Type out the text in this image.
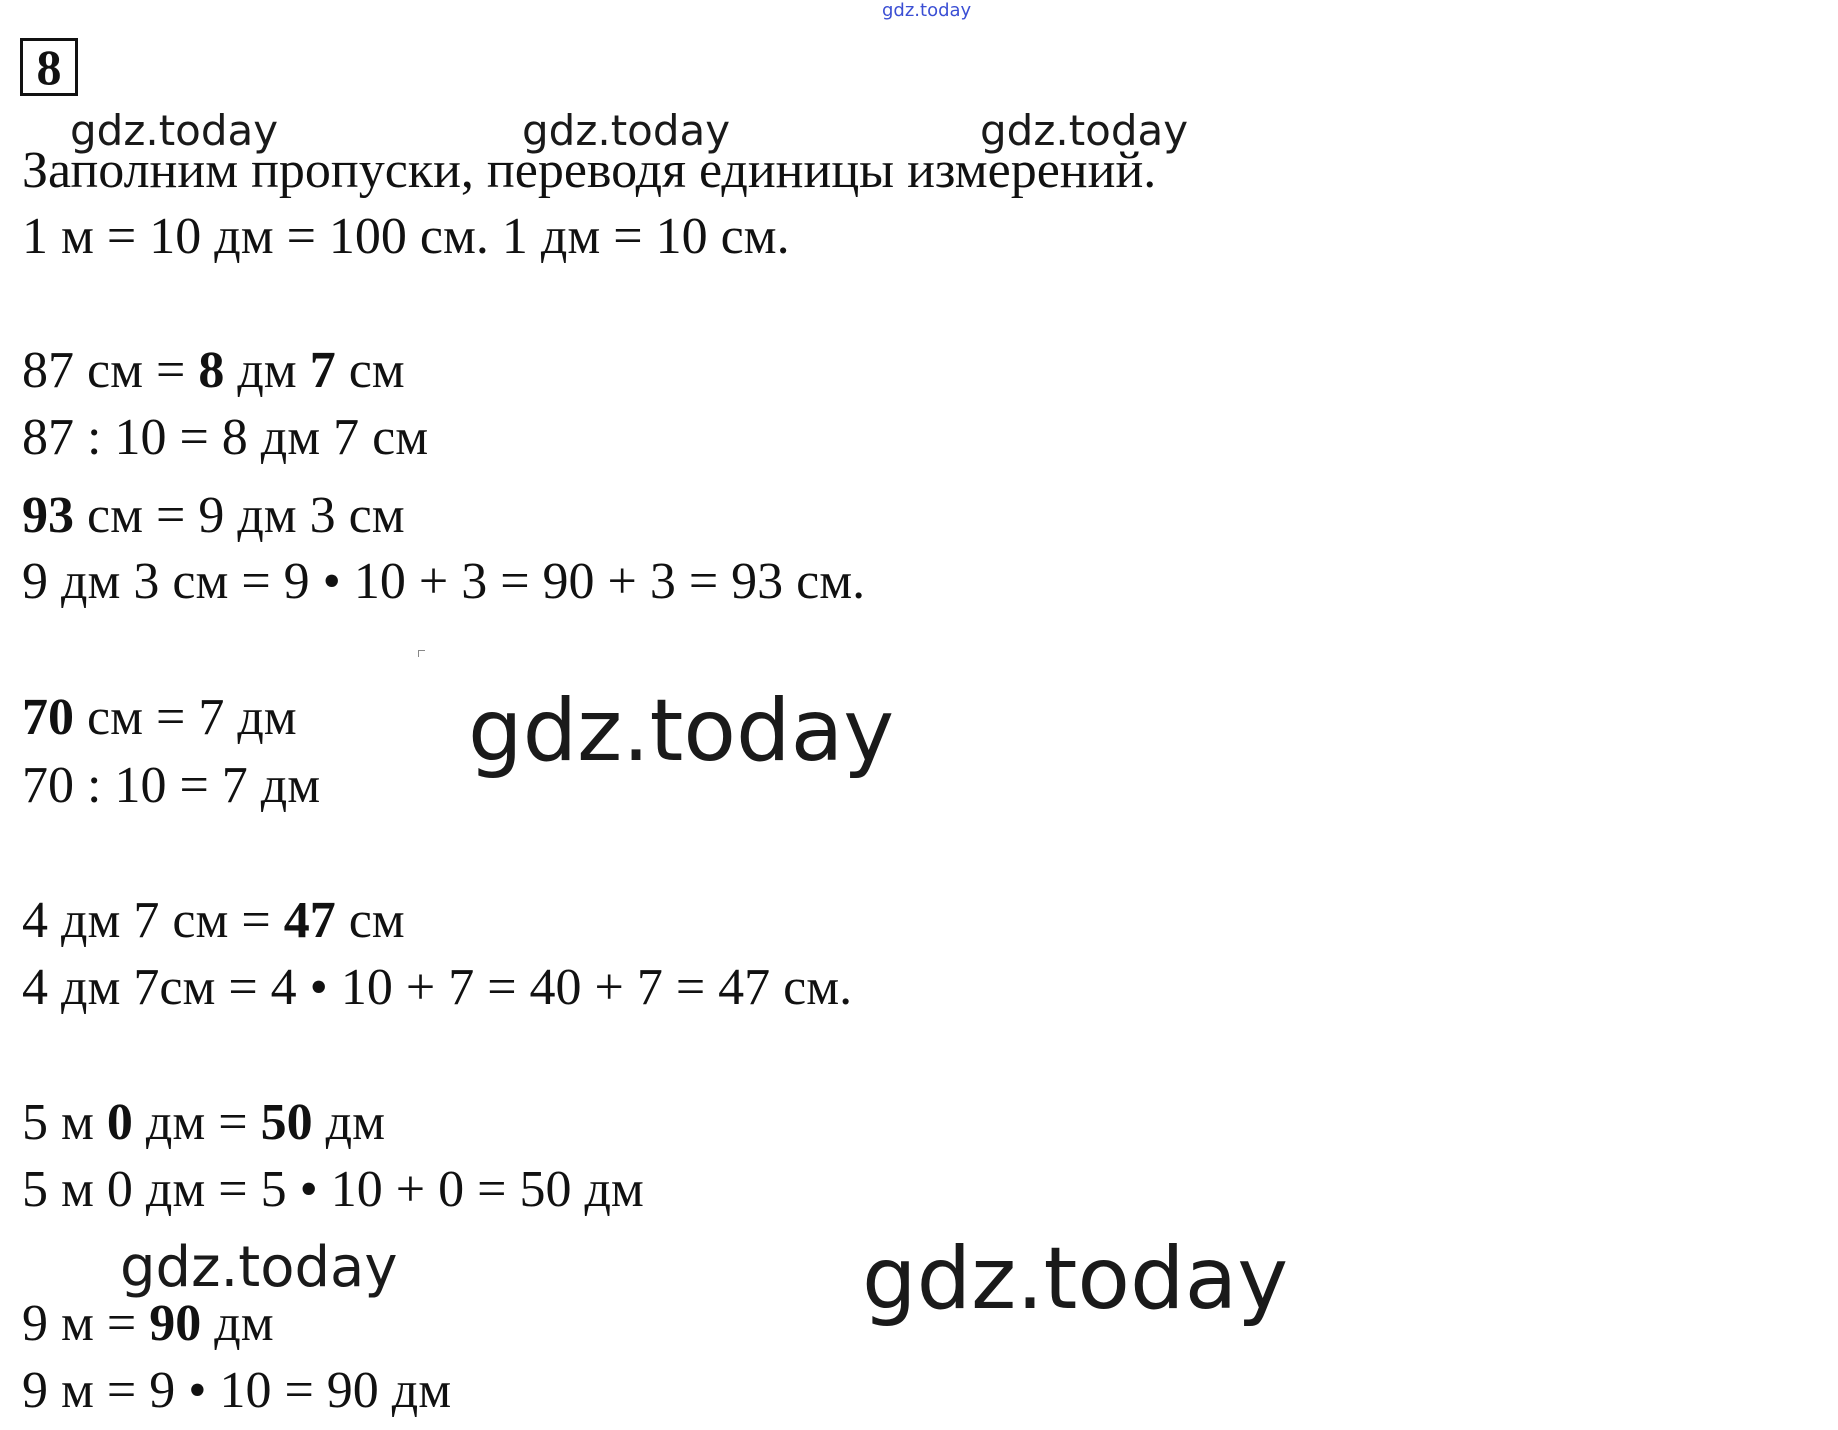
gdz.today
gdz.today	gdz.today	gdz.today
gdz.today
gdz.today	gdz.today
8
Заполним пропуски, переводя единицы измерений.
1 м = 10 дм = 100 см. 1 дм = 10 см.
87 см = 8 дм 7 см
87 : 10 = 8 дм 7 см
93 см = 9 дм 3 см
9 дм 3 см = 9 • 10 + 3 = 90 + 3 = 93 см.
70 см = 7 дм
70 : 10 = 7 дм
4 дм 7 см = 47 см
4 дм 7см = 4 • 10 + 7 = 40 + 7 = 47 см.
5 м 0 дм = 50 дм
5 м 0 дм = 5 • 10 + 0 = 50 дм
9 м = 90 дм
9 м = 9 • 10 = 90 дм
